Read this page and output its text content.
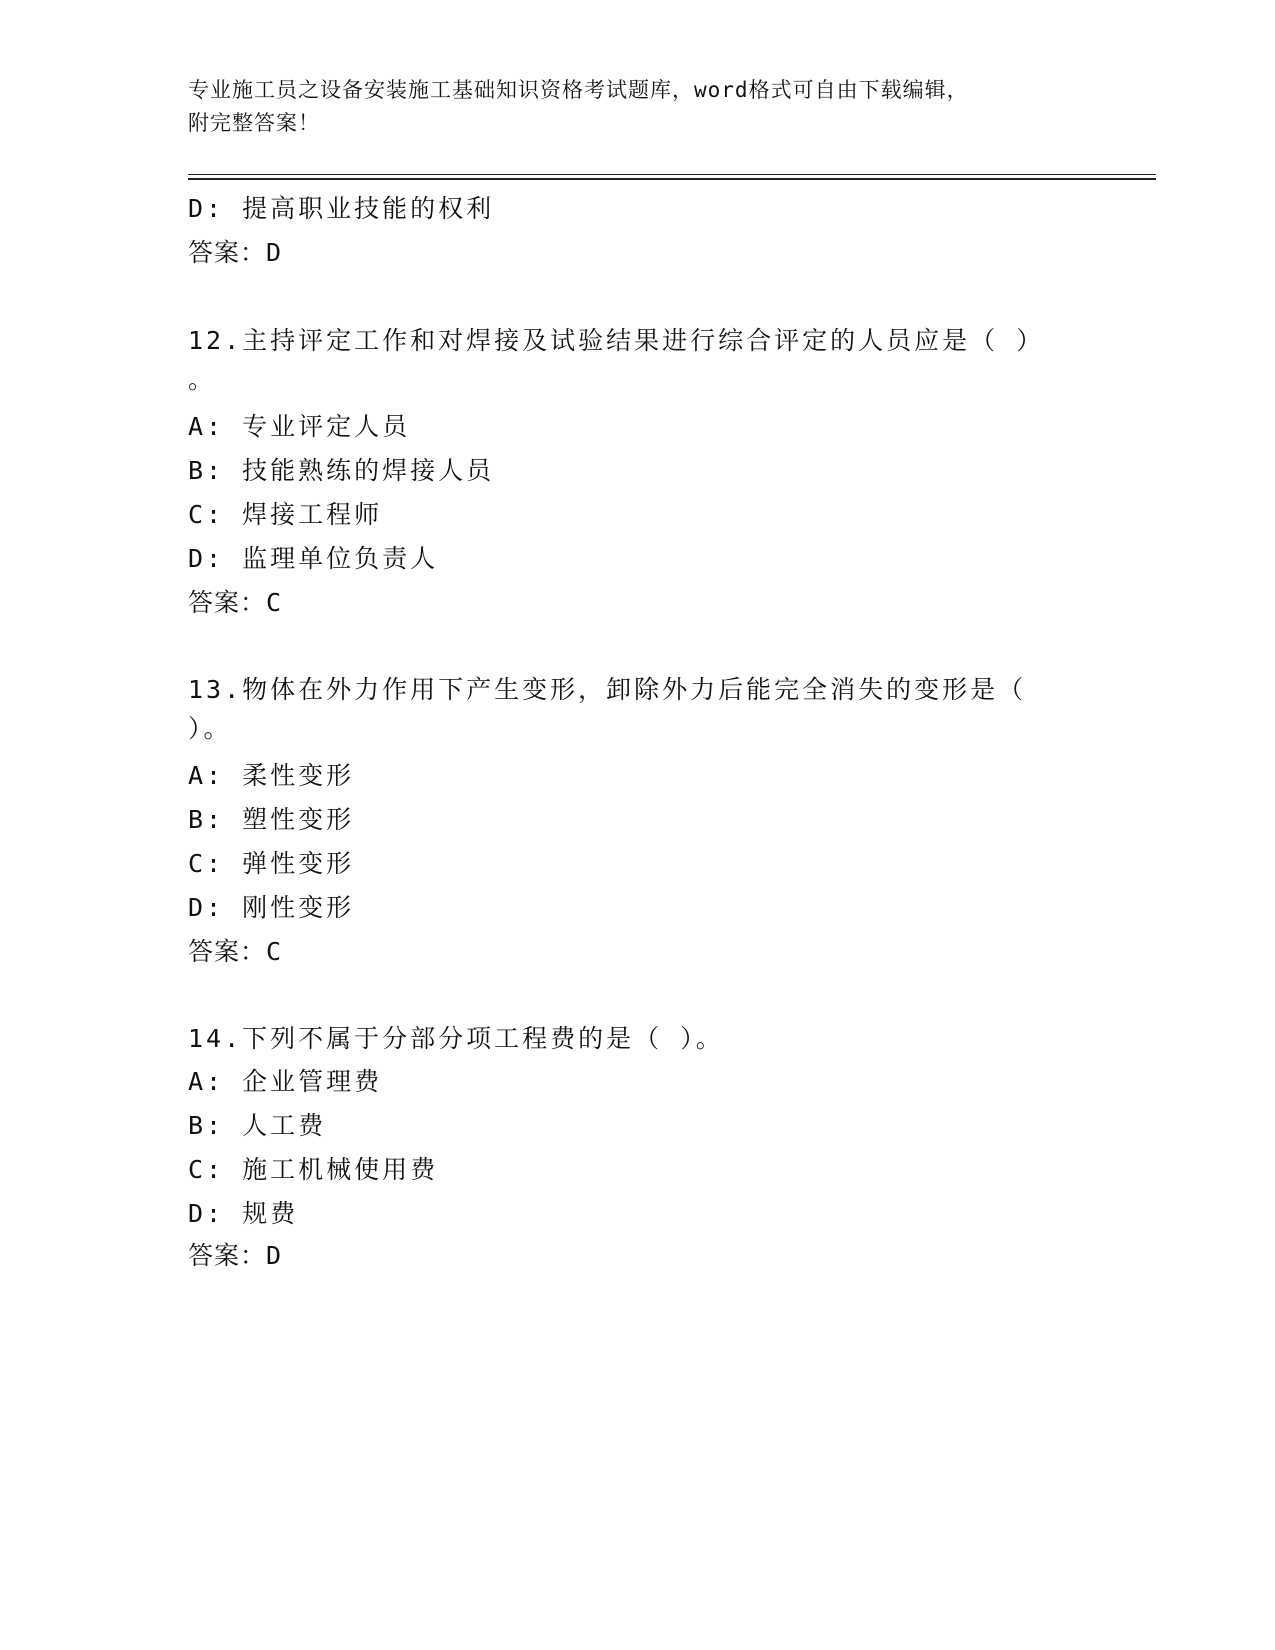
专业施工员之设备安装施工基础知识资格考试题库，word格式可自由下载编辑，
附完整答案！
D: 提高职业技能的权利
答案：D
12.主持评定工作和对焊接及试验结果进行综合评定的人员应是（ ）
。
A: 专业评定人员
B: 技能熟练的焊接人员
C: 焊接工程师
D: 监理单位负责人
答案：C
13.物体在外力作用下产生变形，卸除外力后能完全消失的变形是（
）。
A: 柔性变形
B: 塑性变形
C: 弹性变形
D: 刚性变形
答案：C
14.下列不属于分部分项工程费的是（ ）。
A: 企业管理费
B: 人工费
C: 施工机械使用费
D: 规费
答案：D
